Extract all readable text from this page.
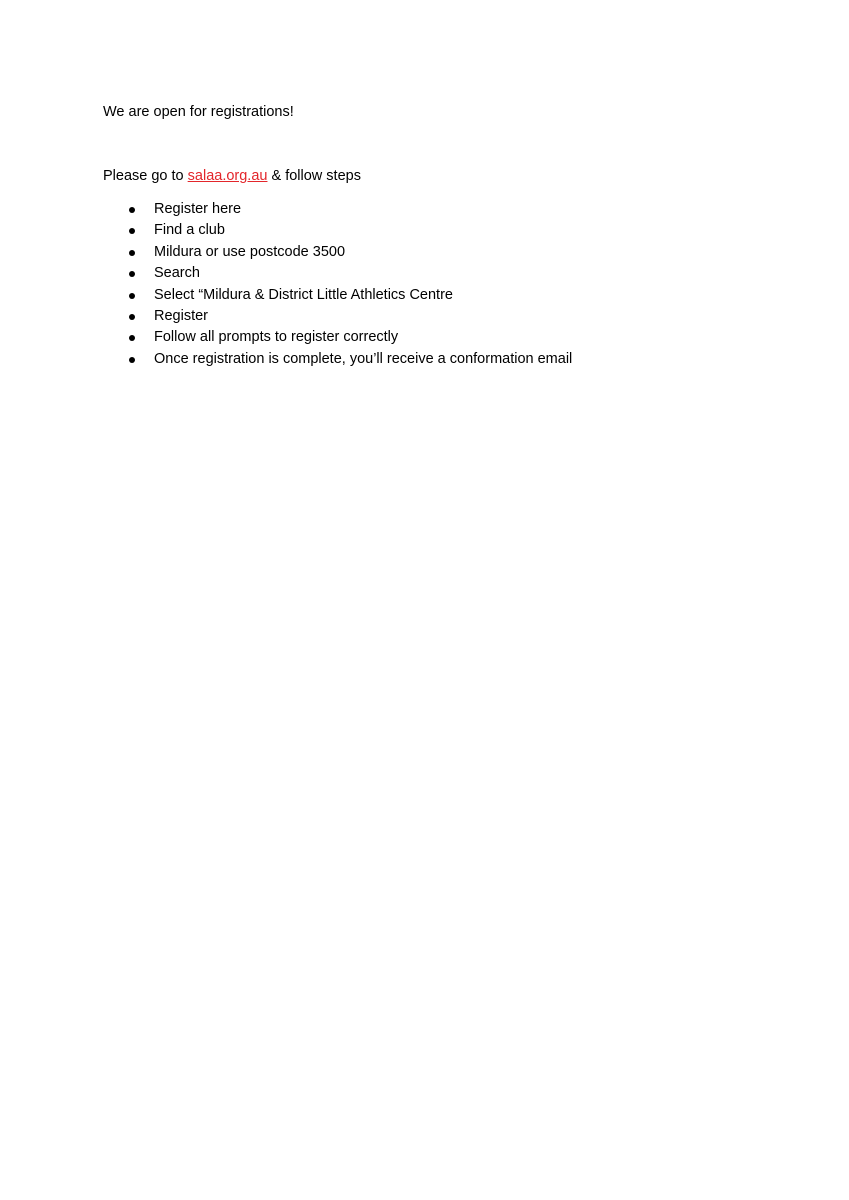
We are open for registrations!
Please go to salaa.org.au & follow steps
Register here
Find a club
Mildura or use postcode 3500
Search
Select “Mildura & District Little Athletics Centre
Register
Follow all prompts to register correctly
Once registration is complete, you’ll receive a conformation email
